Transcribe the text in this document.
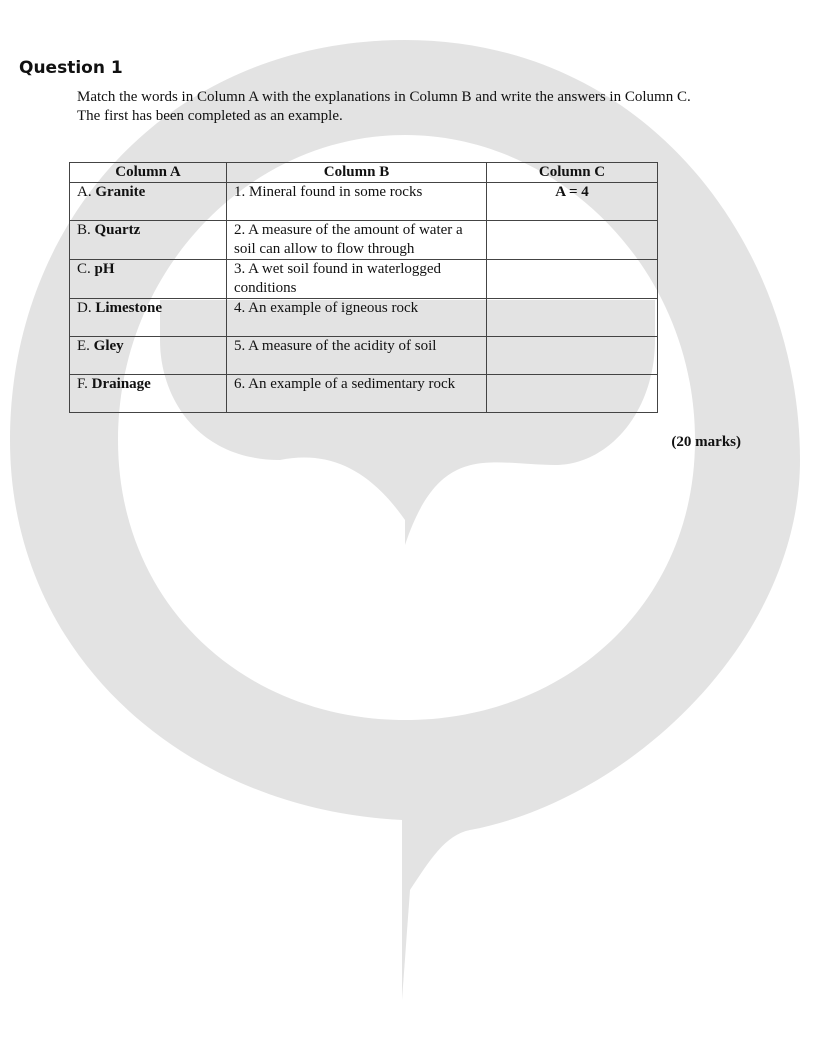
Question 1

Match the words in Column A with the explanations in Column B and write the answers in Column C. The first has been completed as an example.

Column A	Column B	Column C
A. Granite	1. Mineral found in some rocks	A = 4
B. Quartz	2. A measure of the amount of water a soil can allow to flow through	
C. pH	3. A wet soil found in waterlogged conditions	
D. Limestone	4. An example of igneous rock	
E. Gley	5. A measure of the acidity of soil	
F. Drainage	6. An example of a sedimentary rock	

(20 marks)
